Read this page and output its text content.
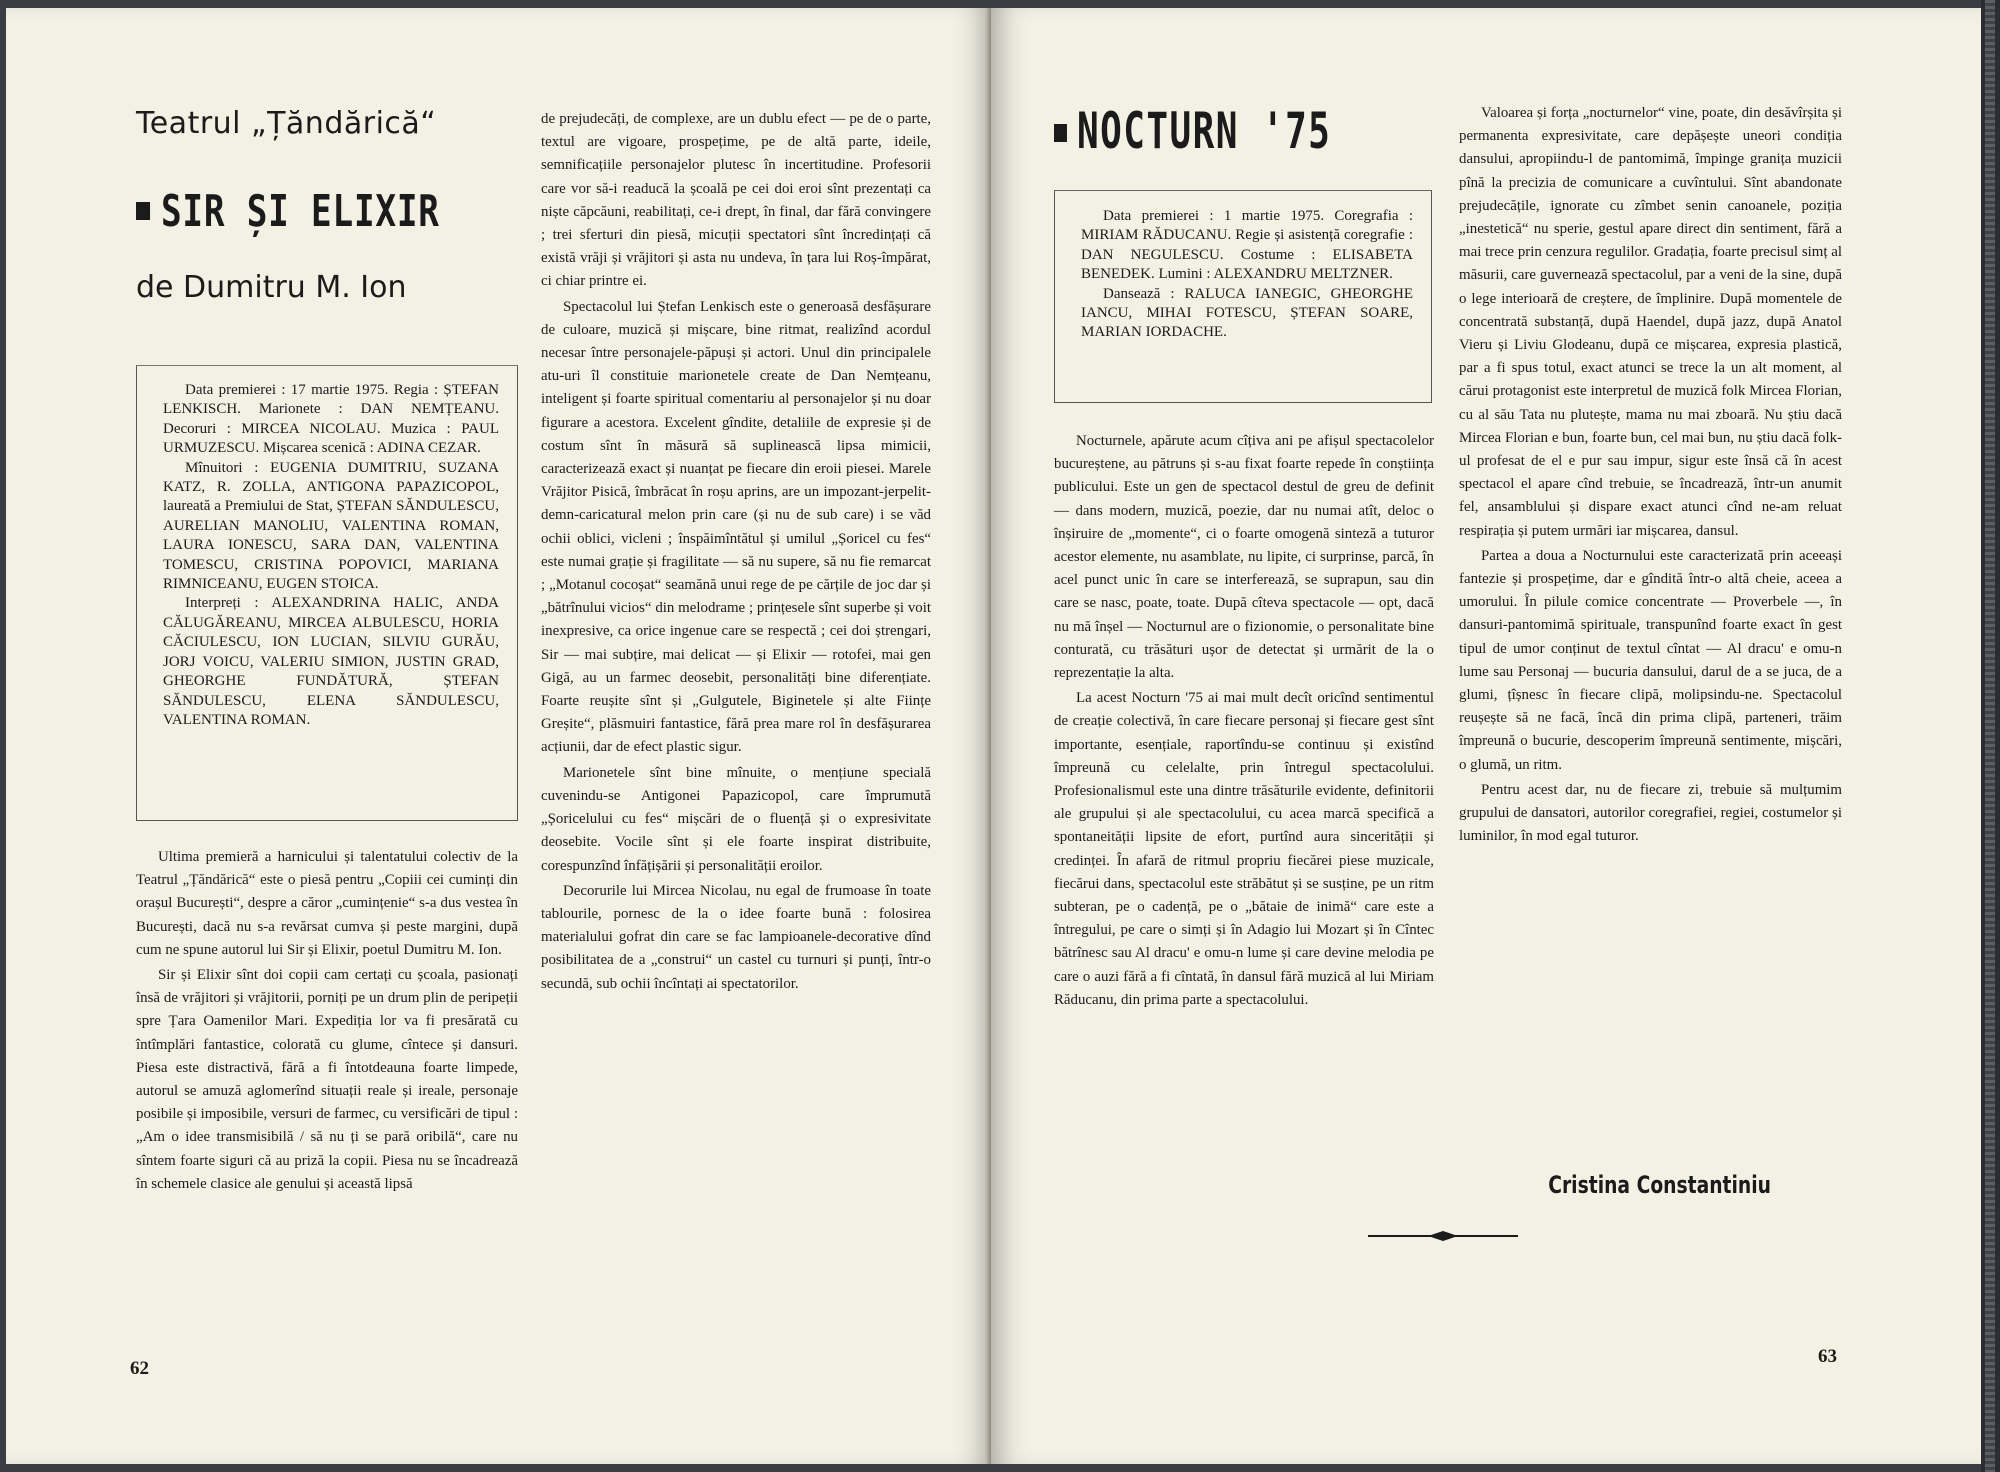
Teatrul „Țăndărică“
SIR ȘI ELIXIR
de Dumitru M. Ion

Data premierei : 17 martie 1975. Regia : ȘTEFAN LENKISCH. Marionete : DAN NEMȚEANU. Decoruri : MIRCEA NICOLAU. Muzica : PAUL URMUZESCU. Mișcarea scenică : ADINA CEZAR.

Mînuitori : EUGENIA DUMITRIU, SUZANA KATZ, R. ZOLLA, ANTIGONA PAPAZICOPOL, laureată a Premiului de Stat, ȘTEFAN SĂNDULESCU, AURELIAN MANOLIU, VALENTINA ROMAN, LAURA IONESCU, SARA DAN, VALENTINA TOMESCU, CRISTINA POPOVICI, MARIANA RIMNICEANU, EUGEN STOICA.

Interpreți : ALEXANDRINA HALIC, ANDA CĂLUGĂREANU, MIRCEA ALBULESCU, HORIA CĂCIULESCU, ION LUCIAN, SILVIU GURĂU, JORJ VOICU, VALERIU SIMION, JUSTIN GRAD, GHEORGHE FUNDĂTURĂ, ȘTEFAN SĂNDULESCU, ELENA SĂNDULESCU, VALENTINA ROMAN.

Ultima premieră a harnicului și talentatului colectiv de la Teatrul „Țăndărică“ este o piesă pentru „Copiii cei cuminți din orașul București“, despre a căror „cumințenie“ s-a dus vestea în București, dacă nu s-a revărsat cumva și peste margini, după cum ne spune autorul lui Sir și Elixir, poetul Dumitru M. Ion.

Sir și Elixir sînt doi copii cam certați cu școala, pasionați însă de vrăjitori și vrăjitorii, porniți pe un drum plin de peripeții spre Țara Oamenilor Mari. Expediția lor va fi presărată cu întîmplări fantastice, colorată cu glume, cîntece și dansuri. Piesa este distractivă, fără a fi întotdeauna foarte limpede, autorul se amuză aglomerînd situații reale și ireale, personaje posibile și imposibile, versuri de farmec, cu versificări de tipul : „Am o idee transmisibilă / să nu ți se pară oribilă“, care nu sîntem foarte siguri că au priză la copii. Piesa nu se încadrează în schemele clasice ale genului și această lipsă

de prejudecăți, de complexe, are un dublu efect — pe de o parte, textul are vigoare, prospețime, pe de altă parte, ideile, semnificațiile personajelor plutesc în incertitudine. Profesorii care vor să-i readucă la școală pe cei doi eroi sînt prezentați ca niște căpcăuni, reabilitați, ce-i drept, în final, dar fără convingere ; trei sferturi din piesă, micuții spectatori sînt încredințați că există vrăji și vrăjitori și asta nu undeva, în țara lui Roș-împărat, ci chiar printre ei.

Spectacolul lui Ștefan Lenkisch este o generoasă desfășurare de culoare, muzică și mișcare, bine ritmat, realizînd acordul necesar între personajele-păpuși și actori. Unul din principalele atu-uri îl constituie marionetele create de Dan Nemțeanu, inteligent și foarte spiritual comentariu al personajelor și nu doar figurare a acestora. Excelent gîndite, detaliile de expresie și de costum sînt în măsură să suplinească lipsa mimicii, caracterizează exact și nuanțat pe fiecare din eroii piesei. Marele Vrăjitor Pisică, îmbrăcat în roșu aprins, are un impozant-jerpelit-demn-caricatural melon prin care (și nu de sub care) i se văd ochii oblici, vicleni ; înspăimîntătul și umilul „Șoricel cu fes“ este numai grație și fragilitate — să nu supere, să nu fie remarcat ; „Motanul cocoșat“ seamănă unui rege de pe cărțile de joc dar și „bătrînului vicios“ din melodrame ; prințesele sînt superbe și voit inexpresive, ca orice ingenue care se respectă ; cei doi ștrengari, Sir — mai subțire, mai delicat — și Elixir — rotofei, mai gen Gigă, au un farmec deosebit, personalități bine diferențiate. Foarte reușite sînt și „Gulgutele, Biginetele și alte Ființe Greșite“, plăsmuiri fantastice, fără prea mare rol în desfășurarea acțiunii, dar de efect plastic sigur.

Marionetele sînt bine mînuite, o mențiune specială cuvenindu-se Antigonei Papazicopol, care împrumută „Șoricelului cu fes“ mișcări de o fluență și o expresivitate deosebite. Vocile sînt și ele foarte inspirat distribuite, corespunzînd înfățișării și personalității eroilor.

Decorurile lui Mircea Nicolau, nu egal de frumoase în toate tablourile, pornesc de la o idee foarte bună : folosirea materialului gofrat din care se fac lampioanele-decorative dînd posibilitatea de a „construi“ un castel cu turnuri și punți, într-o secundă, sub ochii încîntați ai spectatorilor.

62
NOCTURN '75

Data premierei : 1 martie 1975. Coregrafia : MIRIAM RĂDUCANU. Regie și asistență coregrafie : DAN NEGULESCU. Costume : ELISABETA BENEDEK. Lumini : ALEXANDRU MELTZNER.

Dansează : RALUCA IANEGIC, GHEORGHE IANCU, MIHAI FOTESCU, ȘTEFAN SOARE, MARIAN IORDACHE.

Nocturnele, apărute acum cîțiva ani pe afișul spectacolelor bucureștene, au pătruns și s-au fixat foarte repede în conștiința publicului. Este un gen de spectacol destul de greu de definit — dans modern, muzică, poezie, dar nu numai atît, deloc o înșiruire de „momente“, ci o foarte omogenă sinteză a tuturor acestor elemente, nu asamblate, nu lipite, ci surprinse, parcă, în acel punct unic în care se interferează, se suprapun, sau din care se nasc, poate, toate. După cîteva spectacole — opt, dacă nu mă înșel — Nocturnul are o fizionomie, o personalitate bine conturată, cu trăsături ușor de detectat și urmărit de la o reprezentație la alta.

La acest Nocturn '75 ai mai mult decît oricînd sentimentul de creație colectivă, în care fiecare personaj și fiecare gest sînt importante, esențiale, raportîndu-se continuu și existînd împreună cu celelalte, prin întregul spectacolului. Profesionalismul este una dintre trăsăturile evidente, definitorii ale grupului și ale spectacolului, cu acea marcă specifică a spontaneității lipsite de efort, purtînd aura sincerității și credinței. În afară de ritmul propriu fiecărei piese muzicale, fiecărui dans, spectacolul este străbătut și se susține, pe un ritm subteran, pe o cadență, pe o „bătaie de inimă“ care este a întregului, pe care o simți și în Adagio lui Mozart și în Cîntec bătrînesc sau Al dracu' e omu-n lume și care devine melodia pe care o auzi fără a fi cîntată, în dansul fără muzică al lui Miriam Răducanu, din prima parte a spectacolului.

Valoarea și forța „nocturnelor“ vine, poate, din desăvîrșita și permanenta expresivitate, care depășește uneori condiția dansului, apropiindu-l de pantomimă, împinge granița muzicii pînă la precizia de comunicare a cuvîntului. Sînt abandonate prejudecățile, ignorate cu zîmbet senin canoanele, poziția „inestetică“ nu sperie, gestul apare direct din sentiment, fără a mai trece prin cenzura regulilor. Gradația, foarte precisul simț al măsurii, care guvernează spectacolul, par a veni de la sine, după o lege interioară de creștere, de împlinire. După momentele de concentrată substanță, după Haendel, după jazz, după Anatol Vieru și Liviu Glodeanu, după ce mișcarea, expresia plastică, par a fi spus totul, exact atunci se trece la un alt moment, al cărui protagonist este interpretul de muzică folk Mircea Florian, cu al său Tata nu plutește, mama nu mai zboară. Nu știu dacă Mircea Florian e bun, foarte bun, cel mai bun, nu știu dacă folk-ul profesat de el e pur sau impur, sigur este însă că în acest spectacol el apare cînd trebuie, se încadrează, într-un anumit fel, ansamblului și dispare exact atunci cînd ne-am reluat respirația și putem urmări iar mișcarea, dansul.

Partea a doua a Nocturnului este caracterizată prin aceeași fantezie și prospețime, dar e gîndită într-o altă cheie, aceea a umorului. În pilule comice concentrate — Proverbele —, în dansuri-pantomimă spirituale, transpunînd foarte exact în gest tipul de umor conținut de textul cîntat — Al dracu' e omu-n lume sau Personaj — bucuria dansului, darul de a se juca, de a glumi, țîșnesc în fiecare clipă, molipsindu-ne. Spectacolul reușește să ne facă, încă din prima clipă, parteneri, trăim împreună o bucurie, descoperim împreună sentimente, mișcări, o glumă, un ritm.

Pentru acest dar, nu de fiecare zi, trebuie să mulțumim grupului de dansatori, autorilor coregrafiei, regiei, costumelor și luminilor, în mod egal tuturor.

Cristina Constantiniu
63
